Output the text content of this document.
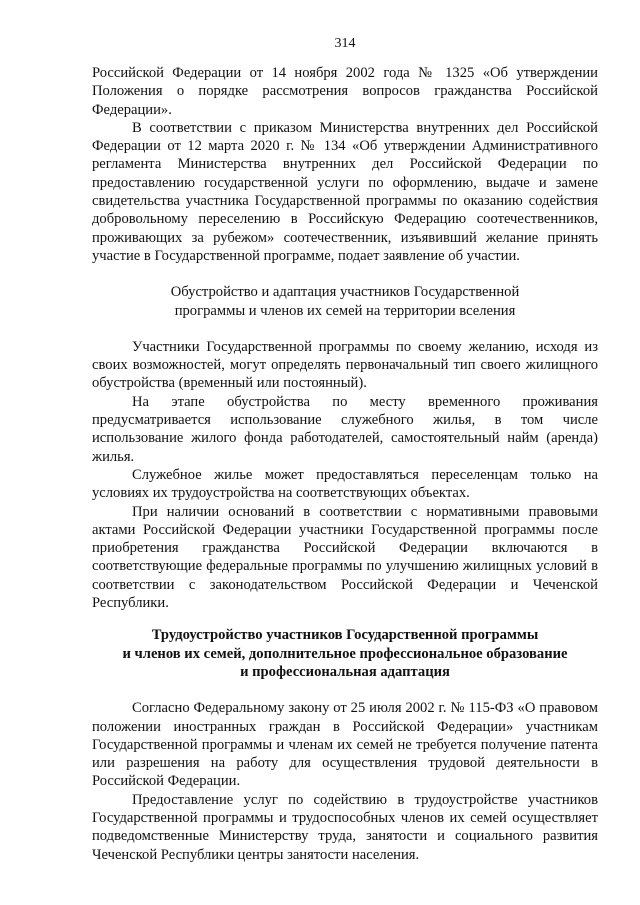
314

Российской Федерации от 14 ноября 2002 года № 1325 «Об утверждении Положения о порядке рассмотрения вопросов гражданства Российской Федерации».

В соответствии с приказом Министерства внутренних дел Российской Федерации от 12 марта 2020 г. № 134 «Об утверждении Административного регламента Министерства внутренних дел Российской Федерации по предоставлению государственной услуги по оформлению, выдаче и замене свидетельства участника Государственной программы по оказанию содействия добровольному переселению в Российскую Федерацию соотечественников, проживающих за рубежом» соотечественник, изъявивший желание принять участие в Государственной программе, подает заявление об участии.

Обустройство и адаптация участников Государственной
программы и членов их семей на территории вселения

Участники Государственной программы по своему желанию, исходя из своих возможностей, могут определять первоначальный тип своего жилищного обустройства (временный или постоянный).

На этапе обустройства по месту временного проживания предусматривается использование служебного жилья, в том числе использование жилого фонда работодателей, самостоятельный найм (аренда) жилья.

Служебное жилье может предоставляться переселенцам только на условиях их трудоустройства на соответствующих объектах.

При наличии оснований в соответствии с нормативными правовыми актами Российской Федерации участники Государственной программы после приобретения гражданства Российской Федерации включаются в соответствующие федеральные программы по улучшению жилищных условий в соответствии с законодательством Российской Федерации и Чеченской Республики.

Трудоустройство участников Государственной программы
и членов их семей, дополнительное профессиональное образование
и профессиональная адаптация

Согласно Федеральному закону от 25 июля 2002 г. № 115-ФЗ «О правовом положении иностранных граждан в Российской Федерации» участникам Государственной программы и членам их семей не требуется получение патента или разрешения на работу для осуществления трудовой деятельности в Российской Федерации.

Предоставление услуг по содействию в трудоустройстве участников Государственной программы и трудоспособных членов их семей осуществляет подведомственные Министерству труда, занятости и социального развития Чеченской Республики центры занятости населения.
